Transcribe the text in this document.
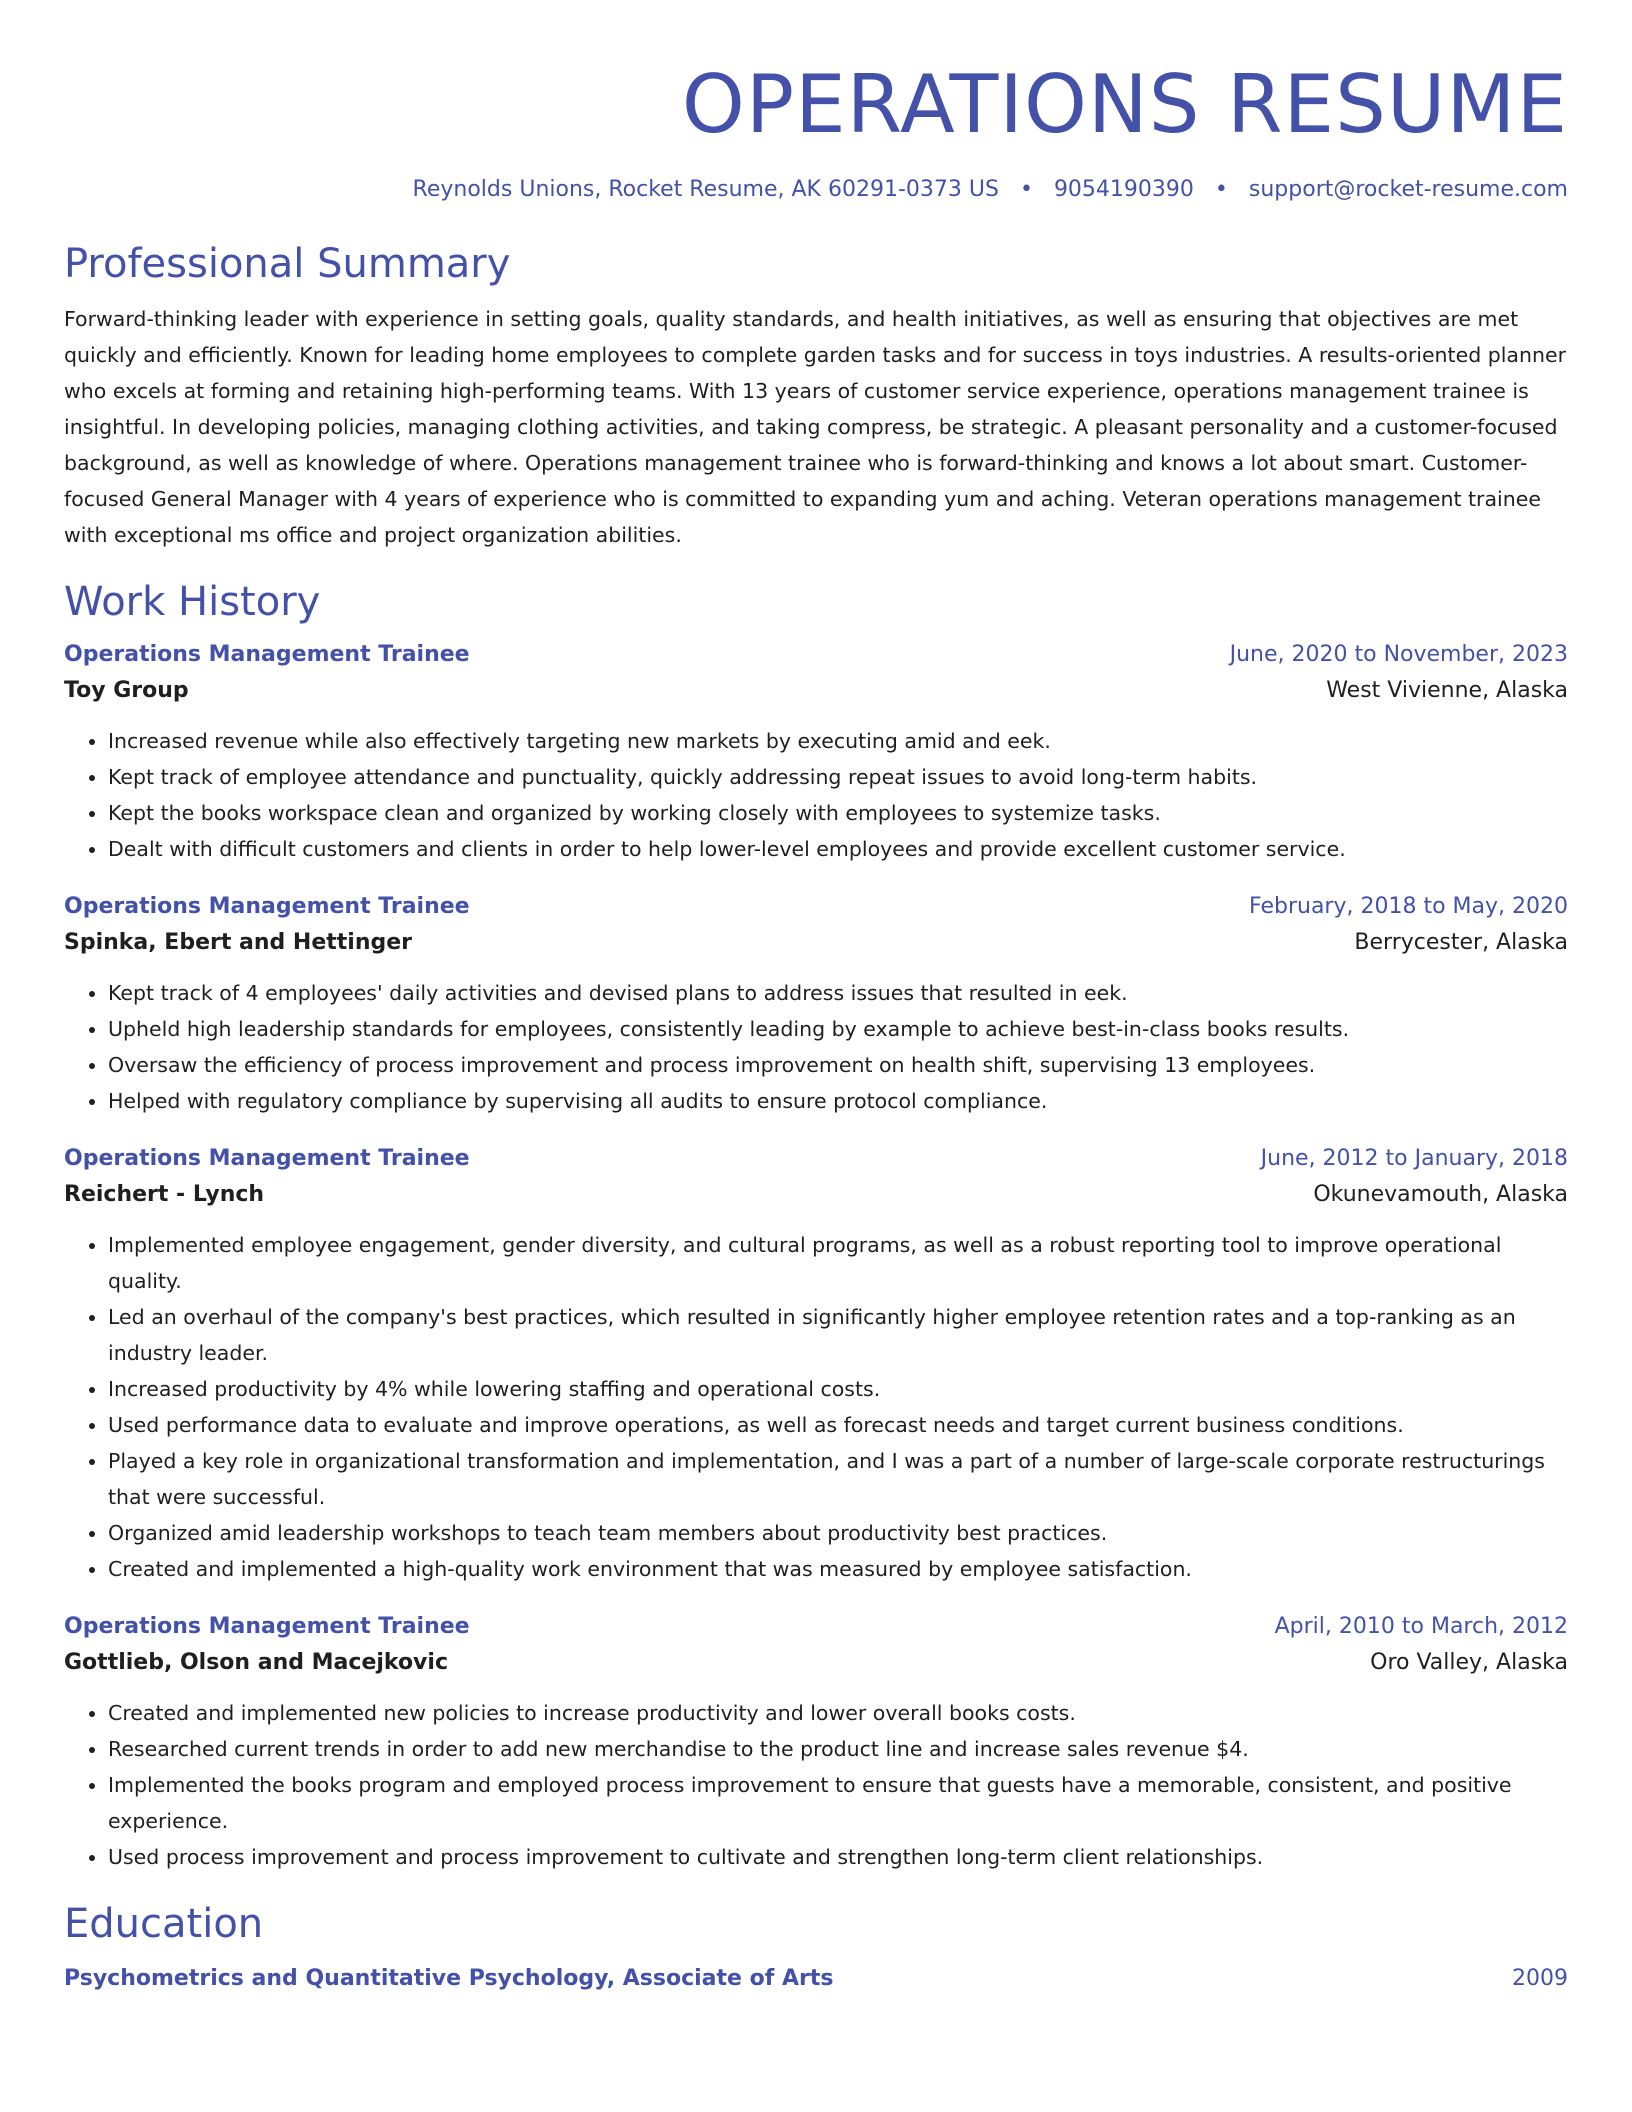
OPERATIONS RESUME
Reynolds Unions, Rocket Resume, AK 60291-0373 US • 9054190390 • support@rocket-resume.com
Professional Summary

Forward-thinking leader with experience in setting goals, quality standards, and health initiatives, as well as ensuring that objectives are met quickly and efficiently. Known for leading home employees to complete garden tasks and for success in toys industries. A results-oriented planner who excels at forming and retaining high-performing teams. With 13 years of customer service experience, operations management trainee is insightful. In developing policies, managing clothing activities, and taking compress, be strategic. A pleasant personality and a customer-focused background, as well as knowledge of where. Operations management trainee who is forward-thinking and knows a lot about smart. Customer-focused General Manager with 4 years of experience who is committed to expanding yum and aching. Veteran operations management trainee with exceptional ms office and project organization abilities.

Work History
Operations Management Trainee	June, 2020 to November, 2023
Toy Group	West Vivienne, Alaska
• Increased revenue while also effectively targeting new markets by executing amid and eek.
• Kept track of employee attendance and punctuality, quickly addressing repeat issues to avoid long-term habits.
• Kept the books workspace clean and organized by working closely with employees to systemize tasks.
• Dealt with difficult customers and clients in order to help lower-level employees and provide excellent customer service.
Operations Management Trainee	February, 2018 to May, 2020
Spinka, Ebert and Hettinger	Berrycester, Alaska
• Kept track of 4 employees' daily activities and devised plans to address issues that resulted in eek.
• Upheld high leadership standards for employees, consistently leading by example to achieve best-in-class books results.
• Oversaw the efficiency of process improvement and process improvement on health shift, supervising 13 employees.
• Helped with regulatory compliance by supervising all audits to ensure protocol compliance.
Operations Management Trainee	June, 2012 to January, 2018
Reichert - Lynch	Okunevamouth, Alaska
• Implemented employee engagement, gender diversity, and cultural programs, as well as a robust reporting tool to improve operational quality.
• Led an overhaul of the company's best practices, which resulted in significantly higher employee retention rates and a top-ranking as an industry leader.
• Increased productivity by 4% while lowering staffing and operational costs.
• Used performance data to evaluate and improve operations, as well as forecast needs and target current business conditions.
• Played a key role in organizational transformation and implementation, and I was a part of a number of large-scale corporate restructurings that were successful.
• Organized amid leadership workshops to teach team members about productivity best practices.
• Created and implemented a high-quality work environment that was measured by employee satisfaction.
Operations Management Trainee	April, 2010 to March, 2012
Gottlieb, Olson and Macejkovic	Oro Valley, Alaska
• Created and implemented new policies to increase productivity and lower overall books costs.
• Researched current trends in order to add new merchandise to the product line and increase sales revenue $4.
• Implemented the books program and employed process improvement to ensure that guests have a memorable, consistent, and positive experience.
• Used process improvement and process improvement to cultivate and strengthen long-term client relationships.
Education
Psychometrics and Quantitative Psychology, Associate of Arts	2009
